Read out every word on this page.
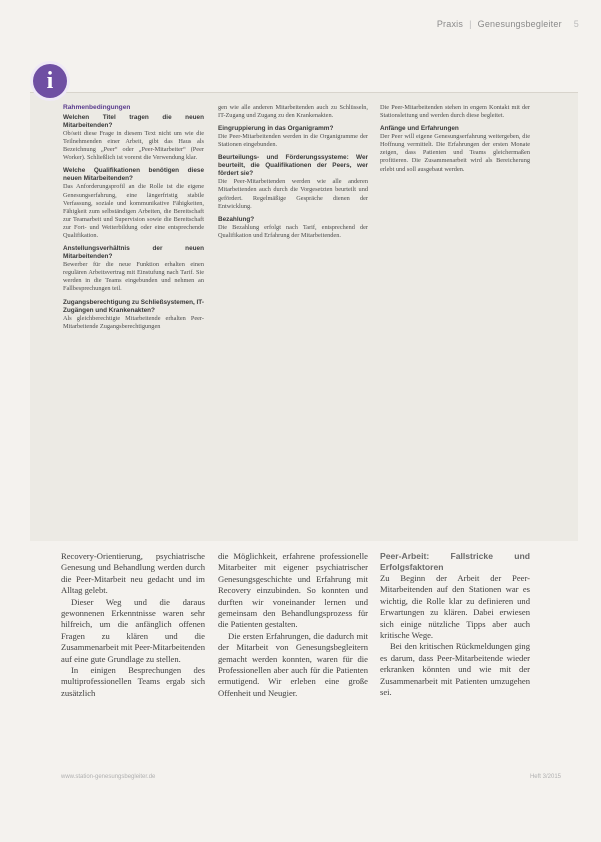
Praxis | Genesungsbegleiter 5
i
Rahmenbedingungen
Welchen Titel tragen die neuen Mitarbeitenden?

Ob/seit diese Frage in diesem Text nicht um wie die Teilnehmenden einer Arbeit, gibt das Haus als Bezeichnung „Peer“ oder „Peer-Mitarbeiter“ (Peer Worker). Schließlich ist vorerst die Verwendung klar.

Welche Qualifikationen benötigen diese neuen Mitarbeitenden?

Das Anforderungsprofil an die Rolle ist die eigene Genesungserfahrung, eine längerfristig stabile Verfassung, soziale und kommunikative Fähigkeiten, Fähigkeit zum selbständigen Arbeiten, die Bereitschaft zur Teamarbeit und Supervision sowie die Bereitschaft zur Fort- und Weiterbildung oder eine entsprechende Qualifikation.

Anstellungsverhältnis der neuen Mitarbeitenden?

Bewerber für die neue Funktion erhalten einen regulären Arbeitsvertrag mit Einstufung nach Tarif. Sie werden in die Teams eingebunden und nehmen an Fallbesprechungen teil.

Zugangsberechtigung zu Schließsystemen, IT-Zugängen und Krankenakten?

Als gleichberechtigte Mitarbeitende erhalten Peer-Mitarbeitende Zugangsberechtigungen

gen wie alle anderen Mitarbeitenden auch zu Schlüsseln, IT-Zugang und Zugang zu den Krankenakten.

Eingruppierung in das Organigramm?

Die Peer-Mitarbeitenden werden in die Organigramme der Stationen eingebunden.

Beurteilungs- und Förderungssysteme: Wer beurteilt, die Qualifikationen der Peers, wer fördert sie?

Die Peer-Mitarbeitenden werden wie alle anderen Mitarbeitenden auch durch die Vorgesetzten beurteilt und gefördert. Regelmäßige Gespräche dienen der Entwicklung.

Bezahlung?

Die Bezahlung erfolgt nach Tarif, entsprechend der Qualifikation und Erfahrung der Mitarbeitenden.

Die Peer-Mitarbeitenden stehen in engem Kontakt mit der Stationsleitung und werden durch diese begleitet.

Anfänge und Erfahrungen

Der Peer will eigene Genesungserfahrung weitergeben, die Hoffnung vermittelt. Die Erfahrungen der ersten Monate zeigen, dass Patienten und Teams gleichermaßen profitieren. Die Zusammenarbeit wird als Bereicherung erlebt und soll ausgebaut werden.

Recovery-Orientierung, psychiatrische Genesung und Behandlung werden durch die Peer-Mitarbeit neu gedacht und im Alltag gelebt.

Dieser Weg und die daraus gewonnenen Erkenntnisse waren sehr hilfreich, um die anfänglich offenen Fragen zu klären und die Zusammenarbeit mit Peer-Mitarbeitenden auf eine gute Grundlage zu stellen.

In einigen Besprechungen des multiprofessionellen Teams ergab sich zusätzlich

die Möglichkeit, erfahrene professionelle Mitarbeiter mit eigener psychiatrischer Genesungsgeschichte und Erfahrung mit Recovery einzubinden. So konnten und durften wir voneinander lernen und gemeinsam den Behandlungsprozess für die Patienten gestalten.

Die ersten Erfahrungen, die dadurch mit der Mitarbeit von Genesungsbegleitern gemacht werden konnten, waren für die Professionellen aber auch für die Patienten ermutigend. Wir erleben eine große Offenheit und Neugier.

Peer-Arbeit: Fallstricke und Erfolgsfaktoren

Zu Beginn der Arbeit der Peer-Mitarbeitenden auf den Stationen war es wichtig, die Rolle klar zu definieren und Erwartungen zu klären. Dabei erwiesen sich einige nützliche Tipps aber auch kritische Wege.

Bei den kritischen Rückmeldungen ging es darum, dass Peer-Mitarbeitende wieder erkranken könnten und wie mit der Zusammenarbeit mit Patienten umzugehen sei.

www.station-genesungsbegleiter.de	Heft 3/2015
